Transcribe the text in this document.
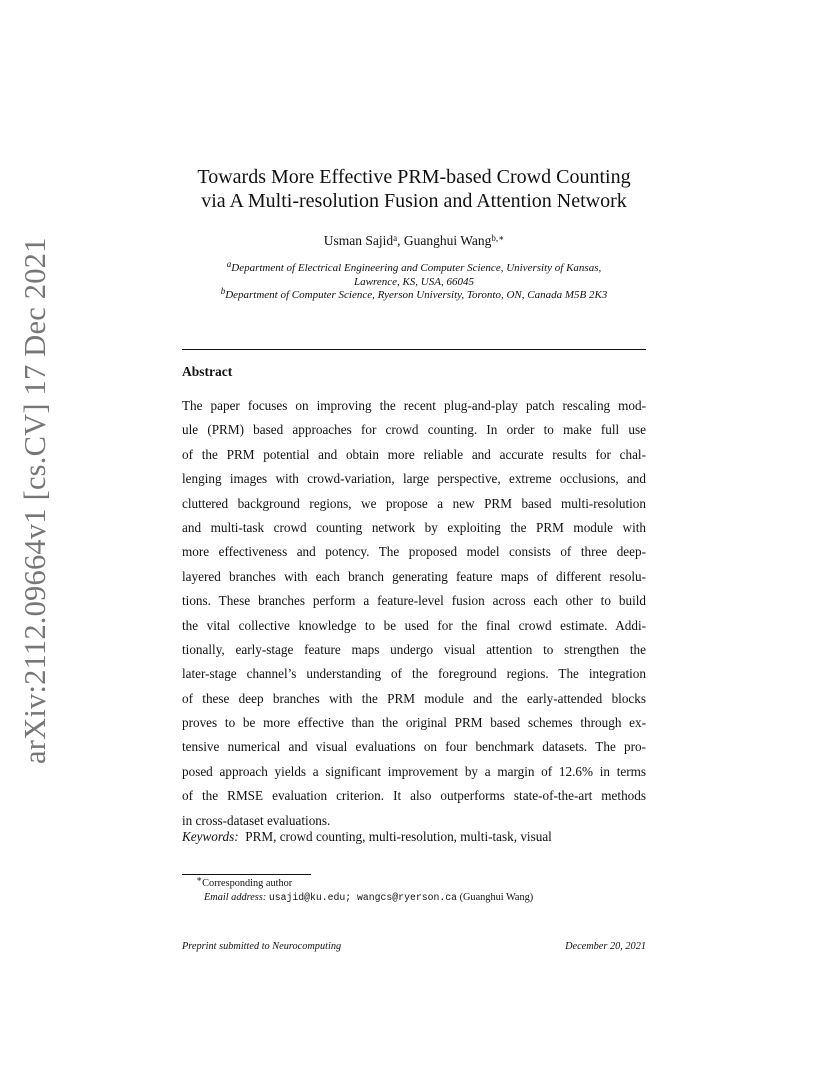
arXiv:2112.09664v1 [cs.CV] 17 Dec 2021
Towards More Effective PRM-based Crowd Counting
via A Multi-resolution Fusion and Attention Network
Usman Sajid$^a$, Guanghui Wang$^{b,∗}$
$^a$Department of Electrical Engineering and Computer Science, University of Kansas,
Lawrence, KS, USA, 66045
$^b$Department of Computer Science, Ryerson University, Toronto, ON, Canada M5B 2K3
Abstract
The paper focuses on improving the recent plug-and-play patch rescaling mod-
ule (PRM) based approaches for crowd counting. In order to make full use
of the PRM potential and obtain more reliable and accurate results for chal-
lenging images with crowd-variation, large perspective, extreme occlusions, and
cluttered background regions, we propose a new PRM based multi-resolution
and multi-task crowd counting network by exploiting the PRM module with
more effectiveness and potency. The proposed model consists of three deep-
layered branches with each branch generating feature maps of different resolu-
tions. These branches perform a feature-level fusion across each other to build
the vital collective knowledge to be used for the final crowd estimate. Addi-
tionally, early-stage feature maps undergo visual attention to strengthen the
later-stage channel’s understanding of the foreground regions. The integration
of these deep branches with the PRM module and the early-attended blocks
proves to be more effective than the original PRM based schemes through ex-
tensive numerical and visual evaluations on four benchmark datasets. The pro-
posed approach yields a significant improvement by a margin of 12.6% in terms
of the RMSE evaluation criterion. It also outperforms state-of-the-art methods
in cross-dataset evaluations.
Keywords:  PRM, crowd counting, multi-resolution, multi-task, visual
∗Corresponding author
Email address: usajid@ku.edu; wangcs@ryerson.ca (Guanghui Wang)
Preprint submitted to Neurocomputing	December 20, 2021
